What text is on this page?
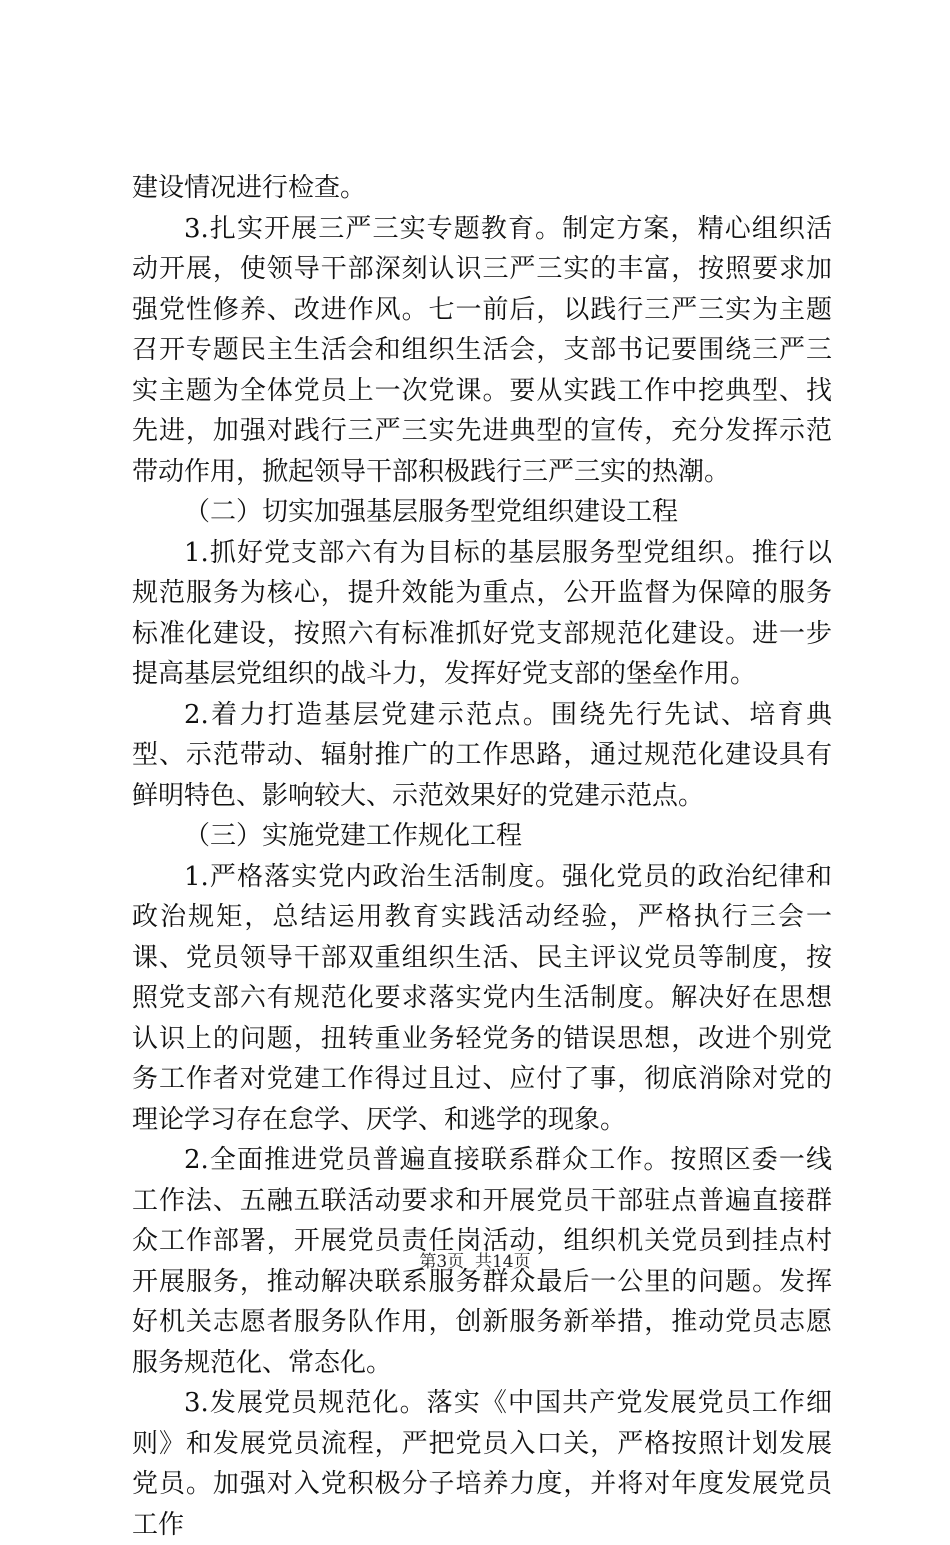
建设情况进行检查。

3.扎实开展三严三实专题教育。制定方案，精心组织活动开展，使领导干部深刻认识三严三实的丰富，按照要求加强党性修养、改进作风。七一前后，以践行三严三实为主题召开专题民主生活会和组织生活会，支部书记要围绕三严三实主题为全体党员上一次党课。要从实践工作中挖典型、找先进，加强对践行三严三实先进典型的宣传，充分发挥示范带动作用，掀起领导干部积极践行三严三实的热潮。

（二）切实加强基层服务型党组织建设工程

1.抓好党支部六有为目标的基层服务型党组织。推行以规范服务为核心，提升效能为重点，公开监督为保障的服务标准化建设，按照六有标准抓好党支部规范化建设。进一步提高基层党组织的战斗力，发挥好党支部的堡垒作用。

2.着力打造基层党建示范点。围绕先行先试、培育典型、示范带动、辐射推广的工作思路，通过规范化建设具有鲜明特色、影响较大、示范效果好的党建示范点。

（三）实施党建工作规化工程

1.严格落实党内政治生活制度。强化党员的政治纪律和政治规矩，总结运用教育实践活动经验，严格执行三会一课、党员领导干部双重组织生活、民主评议党员等制度，按照党支部六有规范化要求落实党内生活制度。解决好在思想认识上的问题，扭转重业务轻党务的错误思想，改进个别党务工作者对党建工作得过且过、应付了事，彻底消除对党的理论学习存在怠学、厌学、和逃学的现象。

2.全面推进党员普遍直接联系群众工作。按照区委一线工作法、五融五联活动要求和开展党员干部驻点普遍直接群众工作部署，开展党员责任岗活动，组织机关党员到挂点村开展服务，推动解决联系服务群众最后一公里的问题。发挥好机关志愿者服务队作用，创新服务新举措，推动党员志愿服务规范化、常态化。

3.发展党员规范化。落实《中国共产党发展党员工作细则》和发展党员流程，严把党员入口关，严格按照计划发展党员。加强对入党积极分子培养力度，并将对年度发展党员工作

第3页  共14页
